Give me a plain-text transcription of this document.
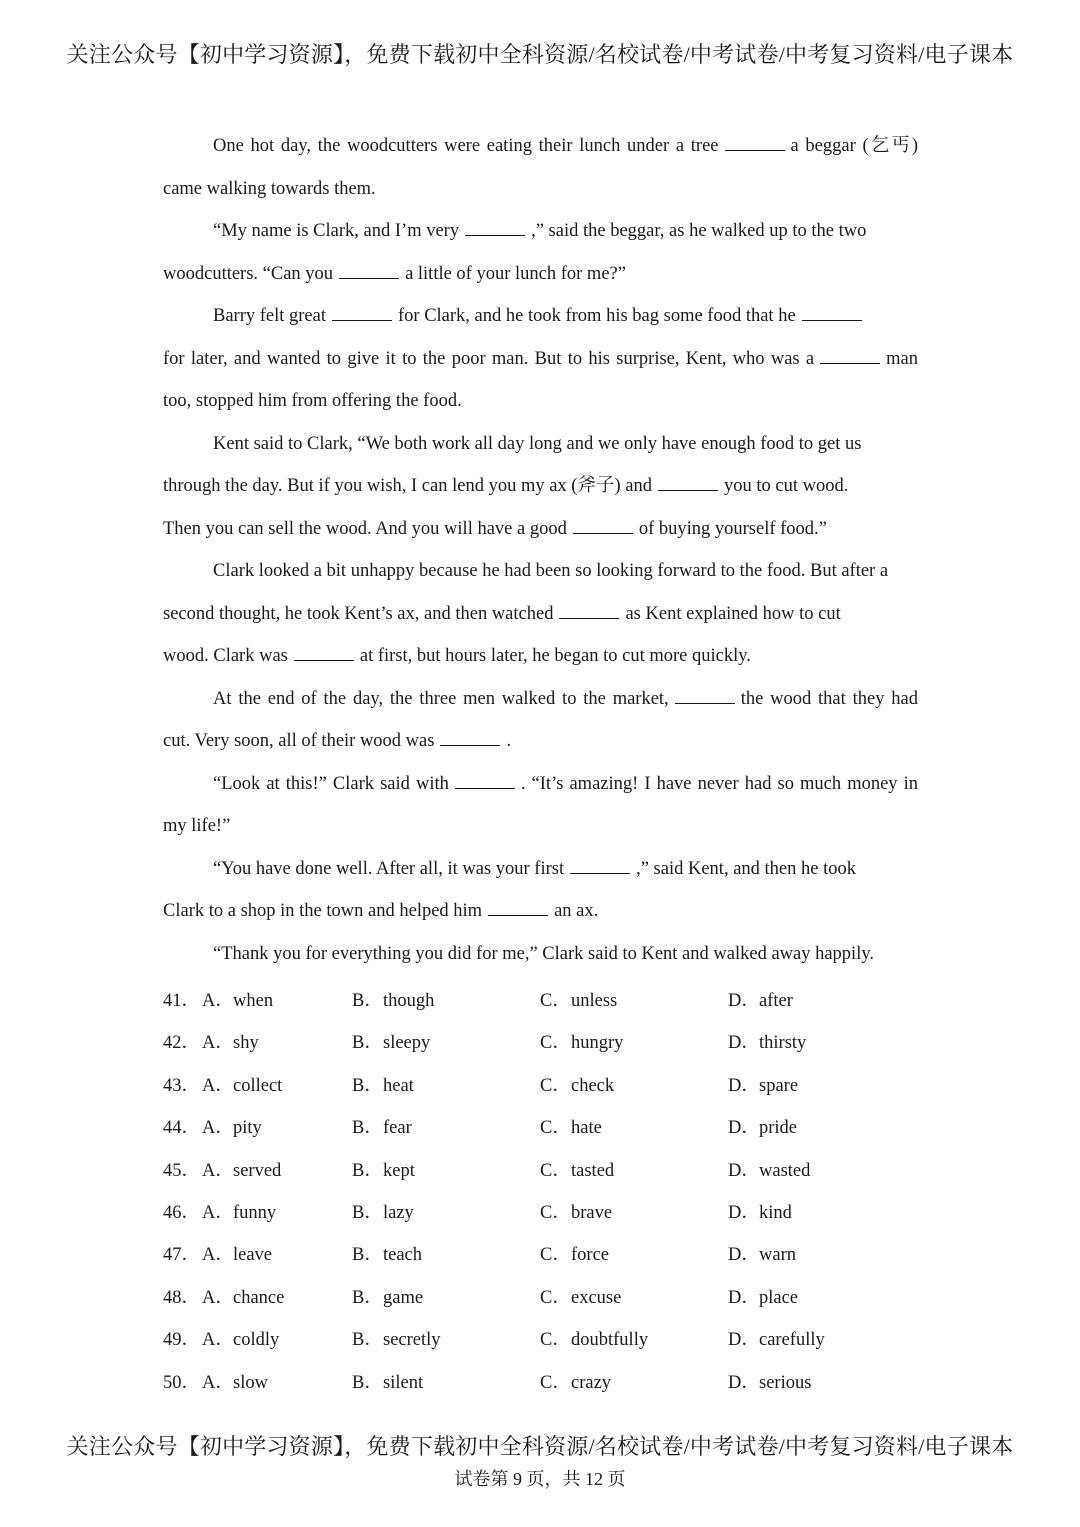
关注公众号【初中学习资源】，免费下载初中全科资源/名校试卷/中考试卷/中考复习资料/电子课本
One hot day, the woodcutters were eating their lunch under a tree	a beggar (乞丐)
came walking towards them.
“My name is Clark, and I’m very	,” said the beggar, as he walked up to the two
woodcutters. “Can you	a little of your lunch for me?”
Barry felt great	for Clark, and he took from his bag some food that he
for later, and wanted to give it to the poor man. But to his surprise, Kent, who was a	man
too, stopped him from offering the food.
Kent said to Clark, “We both work all day long and we only have enough food to get us
through the day. But if you wish, I can lend you my ax (斧子) and	you to cut wood.
Then you can sell the wood. And you will have a good	of buying yourself food.”
Clark looked a bit unhappy because he had been so looking forward to the food. But after a
second thought, he took Kent’s ax, and then watched	as Kent explained how to cut
wood. Clark was	at first, but hours later, he began to cut more quickly.
At the end of the day, the three men walked to the market,	the wood that they had
cut. Very soon, all of their wood was	.
“Look at this!” Clark said with	. “It’s amazing! I have never had so much money in
my life!”
“You have done well. After all, it was your first	,” said Kent, and then he took
Clark to a shop in the town and helped him	an ax.
“Thank you for everything you did for me,” Clark said to Kent and walked away happily.
41． A．when	B．though	C．unless	D．after
42． A．shy	B．sleepy	C．hungry	D．thirsty
43． A．collect	B．heat	C．check	D．spare
44． A．pity	B．fear	C．hate	D．pride
45． A．served	B．kept	C．tasted	D．wasted
46． A．funny	B．lazy	C．brave	D．kind
47． A．leave	B．teach	C．force	D．warn
48． A．chance	B．game	C．excuse	D．place
49． A．coldly	B．secretly	C．doubtfully	D．carefully
50． A．slow	B．silent	C．crazy	D．serious
关注公众号【初中学习资源】，免费下载初中全科资源/名校试卷/中考试卷/中考复习资料/电子课本
试卷第 9 页，共 12 页
